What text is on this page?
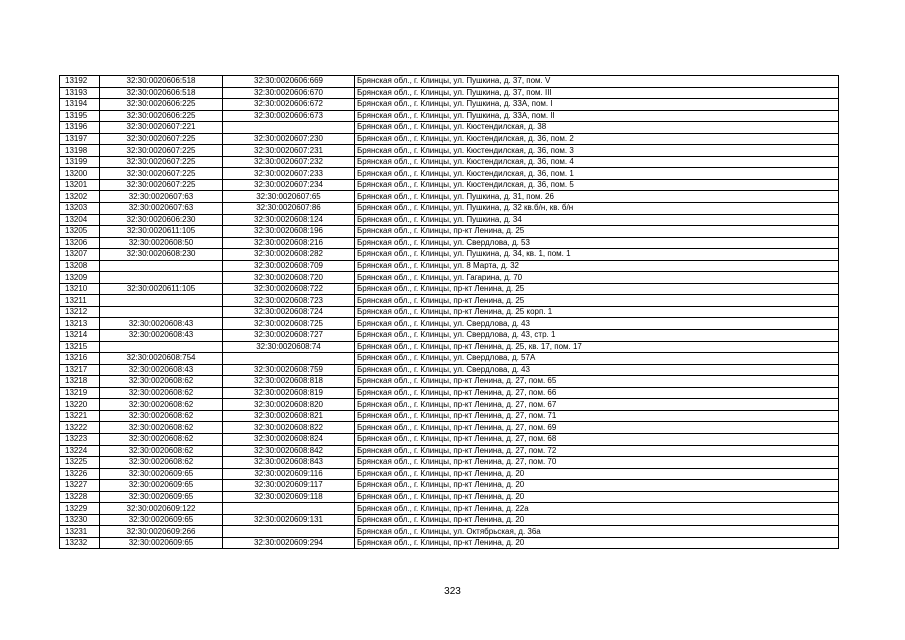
13192	32:30:0020606:518	32:30:0020606:669	Брянская обл., г. Клинцы, ул. Пушкина, д. 37, пом. V
13193	32:30:0020606:518	32:30:0020606:670	Брянская обл., г. Клинцы, ул. Пушкина, д. 37, пом. III
13194	32:30:0020606:225	32:30:0020606:672	Брянская обл., г. Клинцы, ул. Пушкина, д. 33А, пом. I
13195	32:30:0020606:225	32:30:0020606:673	Брянская обл., г. Клинцы, ул. Пушкина, д. 33А, пом. II
13196	32:30:0020607:221		Брянская обл., г. Клинцы, ул. Кюстендилская, д. 38
13197	32:30:0020607:225	32:30:0020607:230	Брянская обл., г. Клинцы, ул. Кюстендилская, д. 36, пом. 2
13198	32:30:0020607:225	32:30:0020607:231	Брянская обл., г. Клинцы, ул. Кюстендилская, д. 36, пом. 3
13199	32:30:0020607:225	32:30:0020607:232	Брянская обл., г. Клинцы, ул. Кюстендилская, д. 36, пом. 4
13200	32:30:0020607:225	32:30:0020607:233	Брянская обл., г. Клинцы, ул. Кюстендилская, д. 36, пом. 1
13201	32:30:0020607:225	32:30:0020607:234	Брянская обл., г. Клинцы, ул. Кюстендилская, д. 36, пом. 5
13202	32:30:0020607:63	32:30:0020607:65	Брянская обл., г. Клинцы, ул. Пушкина, д. 31, пом. 26
13203	32:30:0020607:63	32:30:0020607:86	Брянская обл., г. Клинцы, ул. Пушкина, д. 32 кв.б/н, кв. б/н
13204	32:30:0020606:230	32:30:0020608:124	Брянская обл., г. Клинцы, ул. Пушкина, д. 34
13205	32:30:0020611:105	32:30:0020608:196	Брянская обл., г. Клинцы, пр-кт Ленина, д. 25
13206	32:30:0020608:50	32:30:0020608:216	Брянская обл., г. Клинцы, ул. Свердлова, д. 53
13207	32:30:0020608:230	32:30:0020608:282	Брянская обл., г. Клинцы, ул. Пушкина, д. 34, кв. 1, пом. 1
13208		32:30:0020608:709	Брянская обл., г. Клинцы, ул. 8 Марта, д. 32
13209		32:30:0020608:720	Брянская обл., г. Клинцы, ул. Гагарина, д. 70
13210	32:30:0020611:105	32:30:0020608:722	Брянская обл., г. Клинцы, пр-кт Ленина, д. 25
13211		32:30:0020608:723	Брянская обл., г. Клинцы, пр-кт Ленина, д. 25
13212		32:30:0020608:724	Брянская обл., г. Клинцы, пр-кт Ленина, д. 25 корп. 1
13213	32:30:0020608:43	32:30:0020608:725	Брянская обл., г. Клинцы, ул. Свердлова, д. 43
13214	32:30:0020608:43	32:30:0020608:727	Брянская обл., г. Клинцы, ул. Свердлова, д. 43, стр. 1
13215		32:30:0020608:74	Брянская обл., г. Клинцы, пр-кт Ленина, д. 25, кв. 17, пом. 17
13216	32:30:0020608:754		Брянская обл., г. Клинцы, ул. Свердлова, д. 57А
13217	32:30:0020608:43	32:30:0020608:759	Брянская обл., г. Клинцы, ул. Свердлова, д. 43
13218	32:30:0020608:62	32:30:0020608:818	Брянская обл., г. Клинцы, пр-кт Ленина, д. 27, пом. 65
13219	32:30:0020608:62	32:30:0020608:819	Брянская обл., г. Клинцы, пр-кт Ленина, д. 27, пом. 66
13220	32:30:0020608:62	32:30:0020608:820	Брянская обл., г. Клинцы, пр-кт Ленина, д. 27, пом. 67
13221	32:30:0020608:62	32:30:0020608:821	Брянская обл., г. Клинцы, пр-кт Ленина, д. 27, пом. 71
13222	32:30:0020608:62	32:30:0020608:822	Брянская обл., г. Клинцы, пр-кт Ленина, д. 27, пом. 69
13223	32:30:0020608:62	32:30:0020608:824	Брянская обл., г. Клинцы, пр-кт Ленина, д. 27, пом. 68
13224	32:30:0020608:62	32:30:0020608:842	Брянская обл., г. Клинцы, пр-кт Ленина, д. 27, пом. 72
13225	32:30:0020608:62	32:30:0020608:843	Брянская обл., г. Клинцы, пр-кт Ленина, д. 27, пом. 70
13226	32:30:0020609:65	32:30:0020609:116	Брянская обл., г. Клинцы, пр-кт Ленина, д. 20
13227	32:30:0020609:65	32:30:0020609:117	Брянская обл., г. Клинцы, пр-кт Ленина, д. 20
13228	32:30:0020609:65	32:30:0020609:118	Брянская обл., г. Клинцы, пр-кт Ленина, д. 20
13229	32:30:0020609:122		Брянская обл., г. Клинцы, пр-кт Ленина, д. 22а
13230	32:30:0020609:65	32:30:0020609:131	Брянская обл., г. Клинцы, пр-кт Ленина, д. 20
13231	32:30:0020609:266		Брянская обл., г. Клинцы, ул. Октябрьская, д. 36а
13232	32:30:0020609:65	32:30:0020609:294	Брянская обл., г. Клинцы, пр-кт Ленина, д. 20
323
